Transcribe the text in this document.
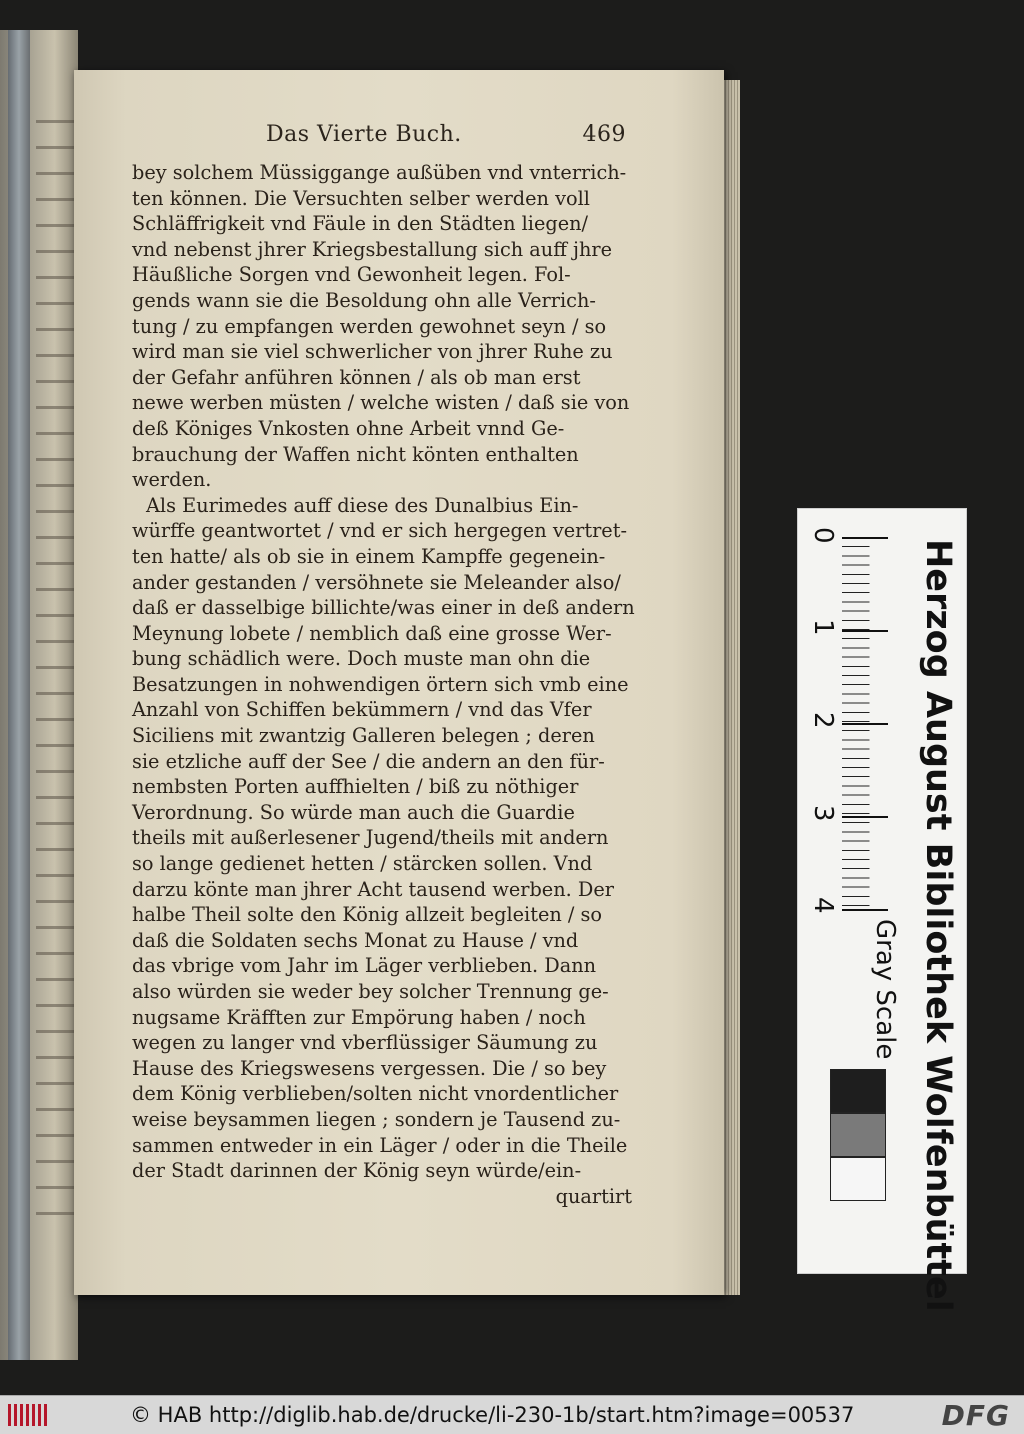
Das Vierte Buch.	469
bey solchem Müssiggange außüben vnd vnterrich-
ten können. Die Versuchten selber werden voll
Schläffrigkeit vnd Fäule in den Städten liegen/
vnd nebenst jhrer Kriegsbestallung sich auff jhre
Häußliche Sorgen vnd Gewonheit legen. Fol-
gends wann sie die Besoldung ohn alle Verrich-
tung / zu empfangen werden gewohnet seyn / so
wird man sie viel schwerlicher von jhrer Ruhe zu
der Gefahr anführen können / als ob man erst
newe werben müsten / welche wisten / daß sie von
deß Königes Vnkosten ohne Arbeit vnnd Ge-
brauchung der Waffen nicht könten enthalten
werden.
Als Eurimedes auff diese des Dunalbius Ein-
würffe geantwortet / vnd er sich hergegen vertret-
ten hatte/ als ob sie in einem Kampffe gegenein-
ander gestanden / versöhnete sie Meleander also/
daß er dasselbige billichte/was einer in deß andern
Meynung lobete / nemblich daß eine grosse Wer-
bung schädlich were. Doch muste man ohn die
Besatzungen in nohwendigen örtern sich vmb eine
Anzahl von Schiffen bekümmern / vnd das Vfer
Siciliens mit zwantzig Galleren belegen ; deren
sie etzliche auff der See / die andern an den für-
nembsten Porten auffhielten / biß zu nöthiger
Verordnung. So würde man auch die Guardie
theils mit außerlesener Jugend/theils mit andern
so lange gedienet hetten / stärcken sollen. Vnd
darzu könte man jhrer Acht tausend werben. Der
halbe Theil solte den König allzeit begleiten / so
daß die Soldaten sechs Monat zu Hause / vnd
das vbrige vom Jahr im Läger verblieben. Dann
also würden sie weder bey solcher Trennung ge-
nugsame Kräfften zur Empörung haben / noch
wegen zu langer vnd vberflüssiger Säumung zu
Hause des Kriegswesens vergessen. Die / so bey
dem König verblieben/solten nicht vnordentlicher
weise beysammen liegen ; sondern je Tausend zu-
sammen entweder in ein Läger / oder in die Theile
der Stadt darinnen der König seyn würde/ein-
quartirt	Herzog August Bibliothek Wolfenbüttel
0
1
2
3
4
Gray Scale
© HAB http://diglib.hab.de/drucke/li-230-1b/start.htm?image=00537	DFG
